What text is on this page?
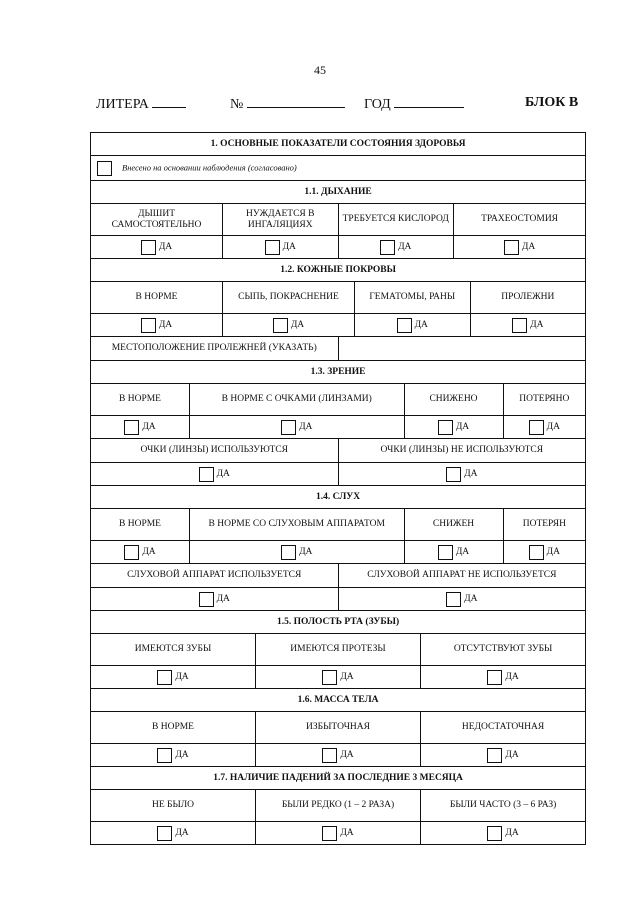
45
ЛИТЕРА	№	ГОД	БЛОК В
1. ОСНОВНЫЕ ПОКАЗАТЕЛИ СОСТОЯНИЯ ЗДОРОВЬЯ										
Внесено на основании наблюдения (согласовано)										
1.1. ДЫХАНИЕ										
ДЫШИТ САМОСТОЯТЕЛЬНО		НУЖДАЕТСЯ В ИНГАЛЯЦИЯХ		ТРЕБУЕТСЯ КИСЛОРОД				ТРАХЕОСТОМИЯ		

ДА		ДА		ДА				ДА		

1.2. КОЖНЫЕ ПОКРОВЫ										
В НОРМЕ		СЫПЬ, ПОКРАСНЕНИЕ			ГЕМАТОМЫ, РАНЫ				ПРОЛЕЖНИ	

ДА		ДА			ДА				ДА	

МЕСТОПОЛОЖЕНИЕ ПРОЛЕЖНЕЙ (УКАЗАТЬ)										
1.3. ЗРЕНИЕ										
В НОРМЕ	В НОРМЕ С ОЧКАМИ (ЛИНЗАМИ)					СНИЖЕНО				ПОТЕРЯНО

ДА	ДА					ДА				ДА

ОЧКИ (ЛИНЗЫ) ИСПОЛЬЗУЮТСЯ				ОЧКИ (ЛИНЗЫ) НЕ ИСПОЛЬЗУЮТСЯ						

ДА				ДА						

1.4. СЛУХ										
В НОРМЕ	В НОРМЕ СО СЛУХОВЫМ АППАРАТОМ					СНИЖЕН				ПОТЕРЯН

ДА	ДА					ДА				ДА

СЛУХОВОЙ АППАРАТ ИСПОЛЬЗУЕТСЯ				СЛУХОВОЙ АППАРАТ НЕ ИСПОЛЬЗУЕТСЯ						

ДА				ДА						

1.5. ПОЛОСТЬ РТА (ЗУБЫ)										
ИМЕЮТСЯ ЗУБЫ			ИМЕЮТСЯ ПРОТЕЗЫ				ОТСУТСТВУЮТ ЗУБЫ			

ДА			ДА				ДА			

1.6. МАССА ТЕЛА										
В НОРМЕ			ИЗБЫТОЧНАЯ				НЕДОСТАТОЧНАЯ			

ДА			ДА				ДА			

1.7. НАЛИЧИЕ ПАДЕНИЙ ЗА ПОСЛЕДНИЕ 3 МЕСЯЦА										
НЕ БЫЛО			БЫЛИ РЕДКО (1 – 2 РАЗА)				БЫЛИ ЧАСТО (3 – 6 РАЗ)			

ДА			ДА				ДА			
